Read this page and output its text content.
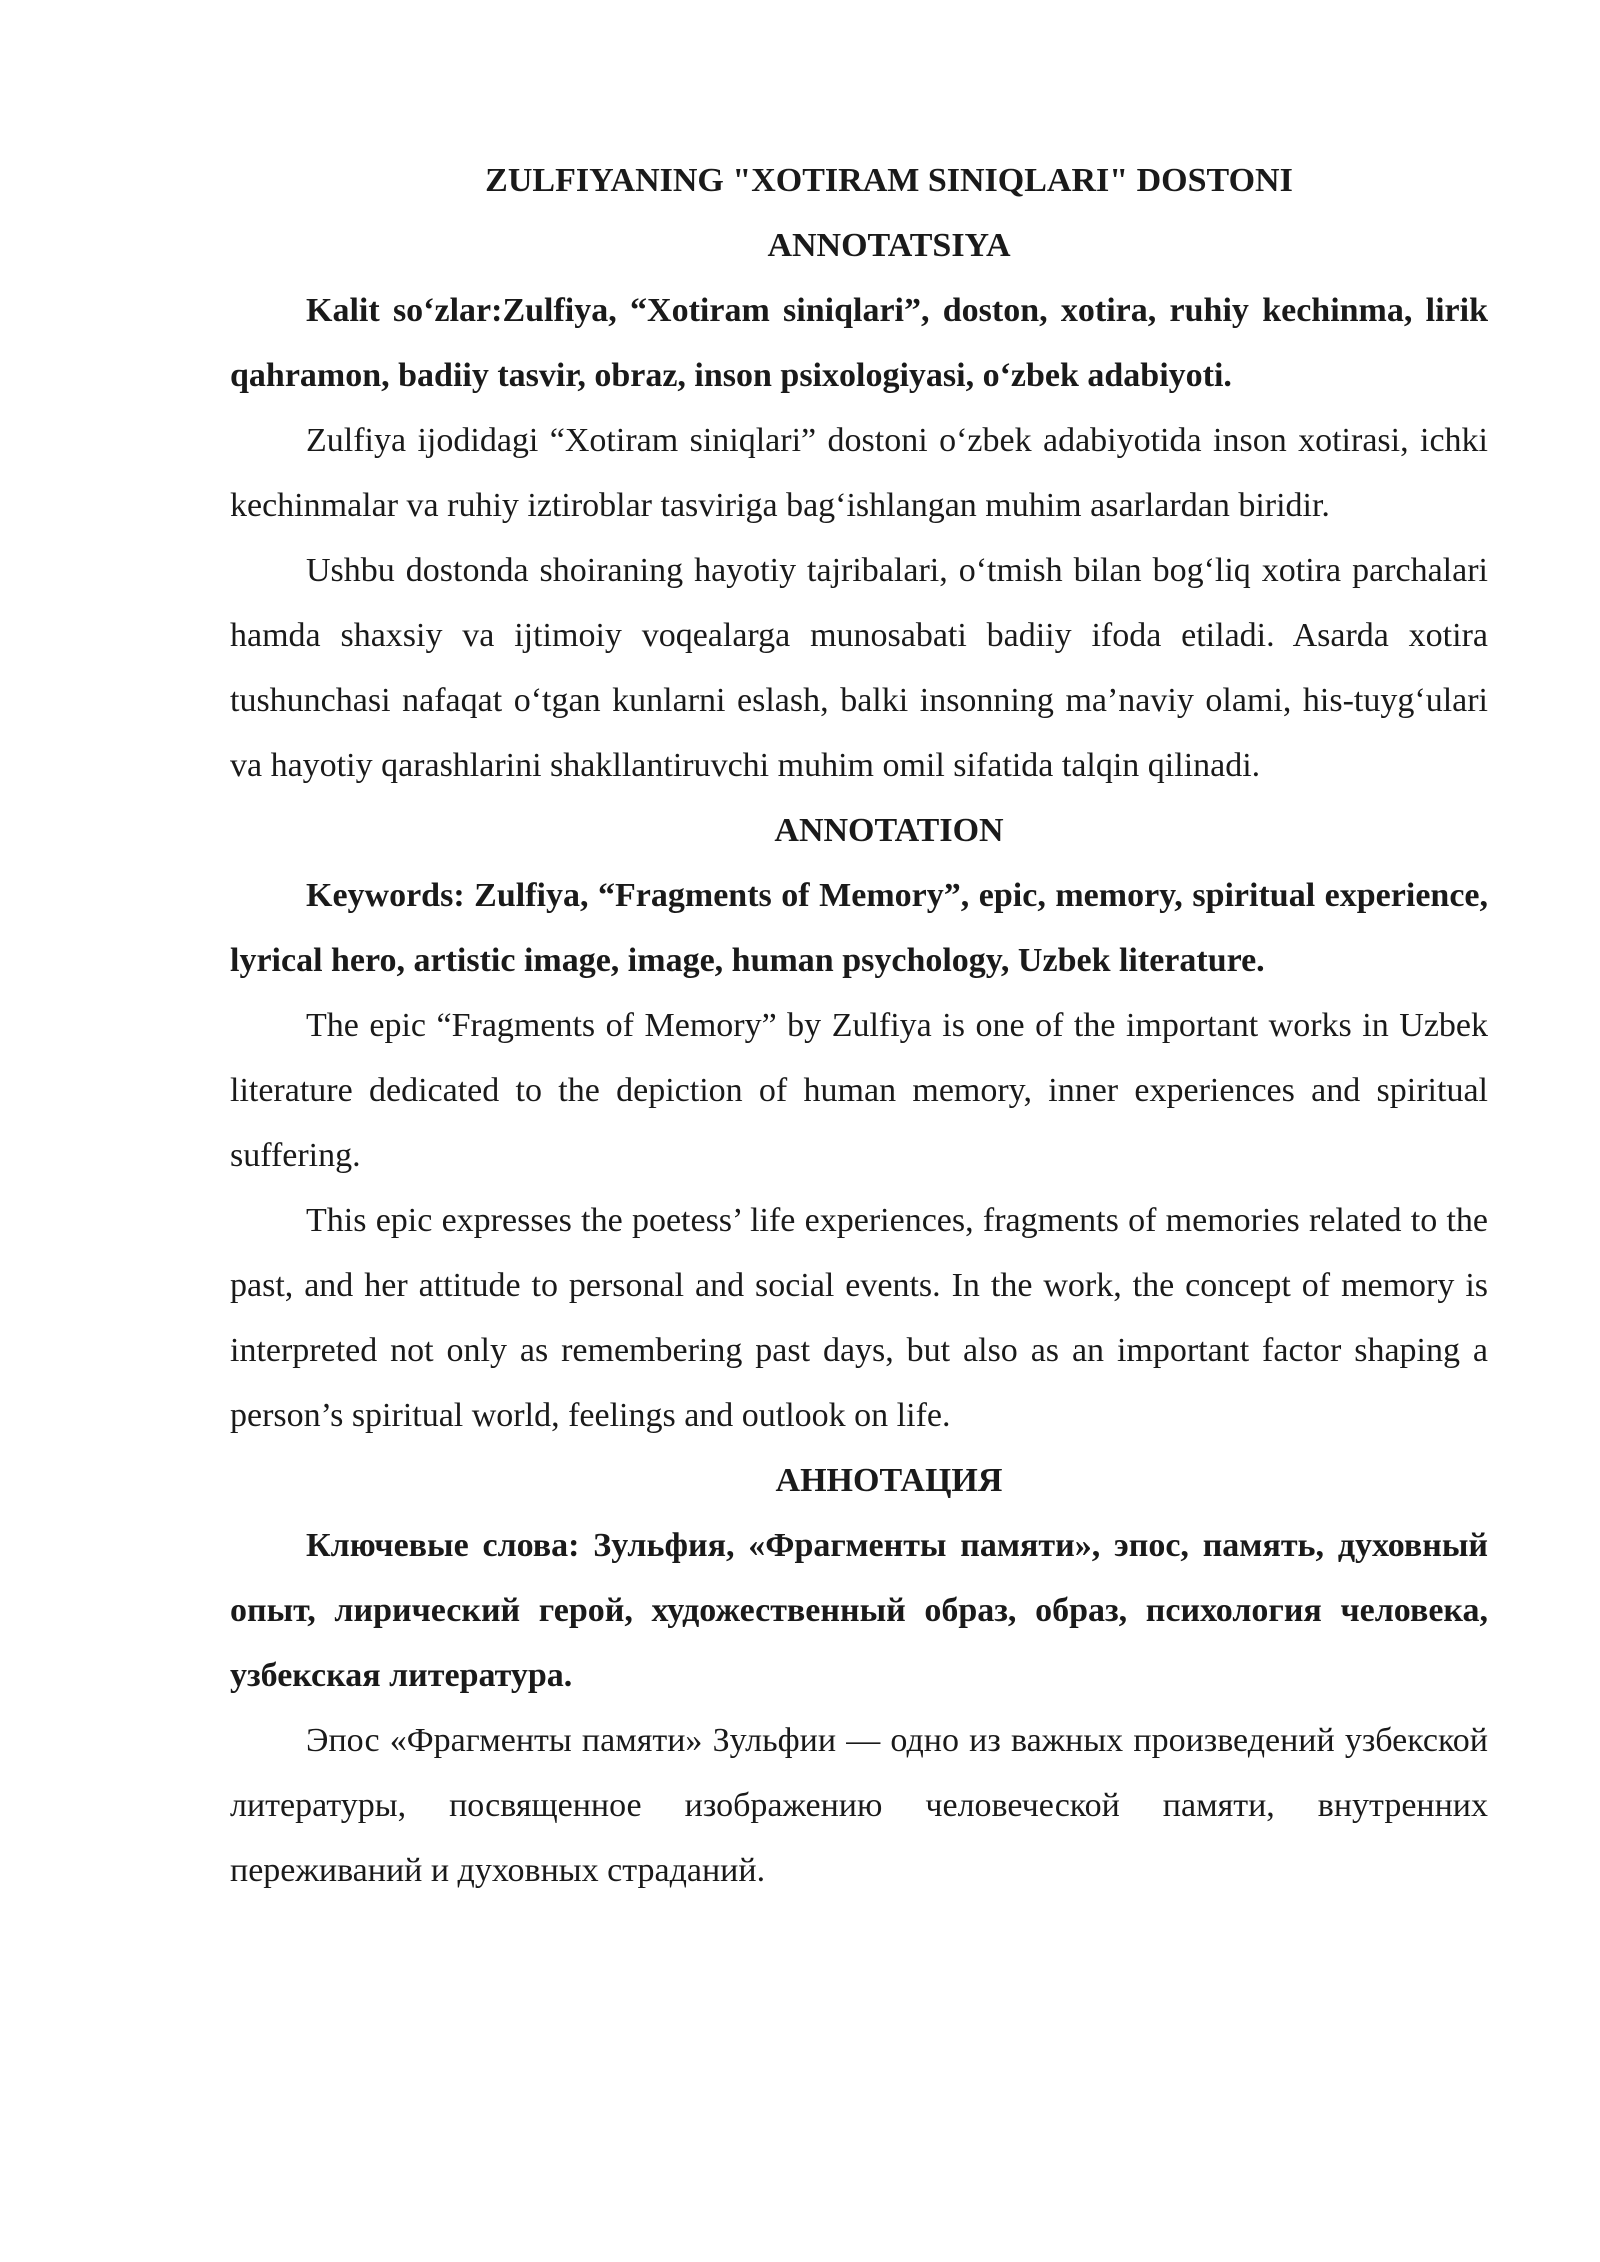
ZULFIYANING "XOTIRAM SINIQLARI" DOSTONI
ANNOTATSIYA

Kalit so‘zlar:Zulfiya, “Xotiram siniqlari”, doston, xotira, ruhiy kechinma, lirik qahramon, badiiy tasvir, obraz, inson psixologiyasi, o‘zbek adabiyoti.

Zulfiya ijodidagi “Xotiram siniqlari” dostoni o‘zbek adabiyotida inson xotirasi, ichki kechinmalar va ruhiy iztiroblar tasviriga bag‘ishlangan muhim asarlardan biridir.

Ushbu dostonda shoiraning hayotiy tajribalari, o‘tmish bilan bog‘liq xotira parchalari hamda shaxsiy va ijtimoiy voqealarga munosabati badiiy ifoda etiladi. Asarda xotira tushunchasi nafaqat o‘tgan kunlarni eslash, balki insonning ma’naviy olami, his-tuyg‘ulari va hayotiy qarashlarini shakllantiruvchi muhim omil sifatida talqin qilinadi.

ANNOTATION

Keywords: Zulfiya, “Fragments of Memory”, epic, memory, spiritual experience, lyrical hero, artistic image, image, human psychology, Uzbek literature.

The epic “Fragments of Memory” by Zulfiya is one of the important works in Uzbek literature dedicated to the depiction of human memory, inner experiences and spiritual suffering.

This epic expresses the poetess’ life experiences, fragments of memories related to the past, and her attitude to personal and social events. In the work, the concept of memory is interpreted not only as remembering past days, but also as an important factor shaping a person’s spiritual world, feelings and outlook on life.

АННОТАЦИЯ

Ключевые слова: Зульфия, «Фрагменты памяти», эпос, память, духовный опыт, лирический герой, художественный образ, образ, психология человека, узбекская литература.

Эпос «Фрагменты памяти» Зульфии — одно из важных произведений узбекской литературы, посвященное изображению человеческой памяти, внутренних переживаний и духовных страданий.
